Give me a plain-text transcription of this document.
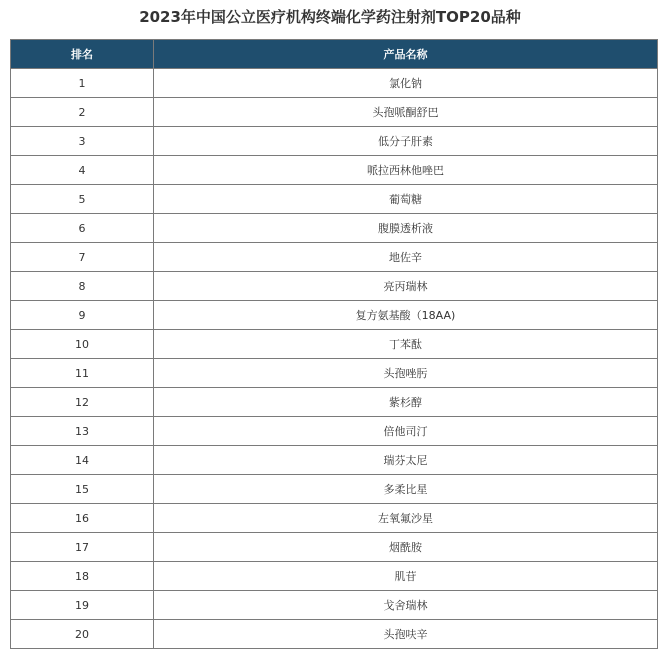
2023年中国公立医疗机构终端化学药注射剂TOP20品种
排名	产品名称
1	氯化钠
2	头孢哌酮舒巴
3	低分子肝素
4	哌拉西林他唑巴
5	葡萄糖
6	腹膜透析液
7	地佐辛
8	亮丙瑞林
9	复方氨基酸（18AA)
10	丁苯酞
11	头孢唑肟
12	紫杉醇
13	倍他司汀
14	瑞芬太尼
15	多柔比星
16	左氧氟沙星
17	烟酰胺
18	肌苷
19	戈舍瑞林
20	头孢呋辛
